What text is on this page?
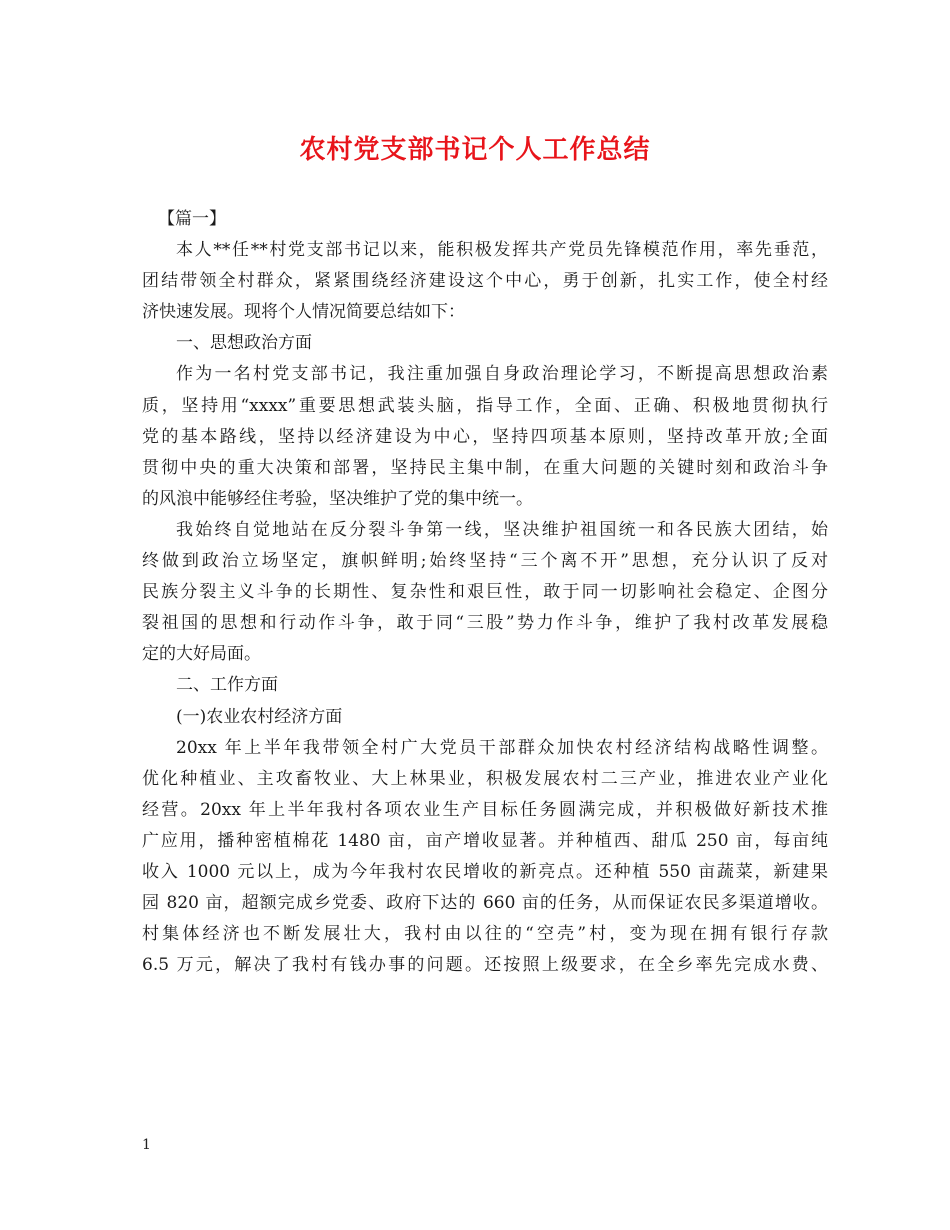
农村党支部书记个人工作总结
【篇一】
本人**任**村党支部书记以来，能积极发挥共产党员先锋模范作用，率先垂范，
团结带领全村群众，紧紧围绕经济建设这个中心，勇于创新，扎实工作，使全村经
济快速发展。现将个人情况简要总结如下：
一、思想政治方面
作为一名村党支部书记，我注重加强自身政治理论学习，不断提高思想政治素
质，坚持用“xxxx”重要思想武装头脑，指导工作，全面、正确、积极地贯彻执行
党的基本路线，坚持以经济建设为中心，坚持四项基本原则，坚持改革开放;全面
贯彻中央的重大决策和部署，坚持民主集中制，在重大问题的关键时刻和政治斗争
的风浪中能够经住考验，坚决维护了党的集中统一。
我始终自觉地站在反分裂斗争第一线，坚决维护祖国统一和各民族大团结，始
终做到政治立场坚定，旗帜鲜明;始终坚持“三个离不开”思想，充分认识了反对
民族分裂主义斗争的长期性、复杂性和艰巨性，敢于同一切影响社会稳定、企图分
裂祖国的思想和行动作斗争，敢于同“三股”势力作斗争，维护了我村改革发展稳
定的大好局面。
二、工作方面
(一)农业农村经济方面
20xx 年上半年我带领全村广大党员干部群众加快农村经济结构战略性调整。
优化种植业、主攻畜牧业、大上林果业，积极发展农村二三产业，推进农业产业化
经营。20xx 年上半年我村各项农业生产目标任务圆满完成，并积极做好新技术推
广应用，播种密植棉花 1480 亩，亩产增收显著。并种植西、甜瓜 250 亩，每亩纯
收入 1000 元以上，成为今年我村农民增收的新亮点。还种植 550 亩蔬菜，新建果
园 820 亩，超额完成乡党委、政府下达的 660 亩的任务，从而保证农民多渠道增收。
村集体经济也不断发展壮大，我村由以往的“空壳”村，变为现在拥有银行存款
6.5 万元，解决了我村有钱办事的问题。还按照上级要求，在全乡率先完成水费、
1
